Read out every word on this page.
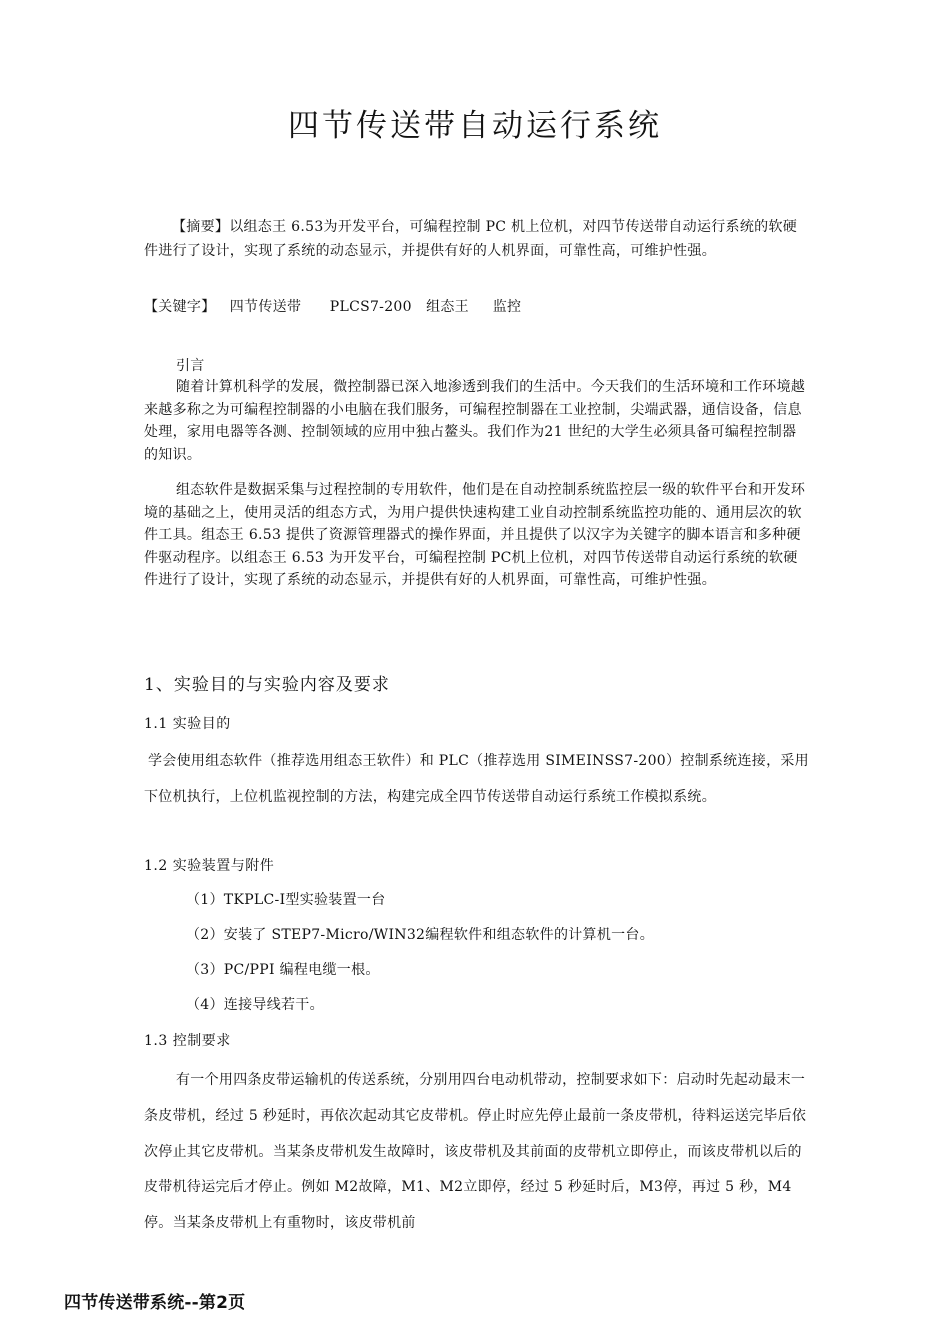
四节传送带自动运行系统
【摘要】以组态王 6.53为开发平台，可编程控制 PC 机上位机，对四节传送带自动运行系统的软硬件进行了设计，实现了系统的动态显示，并提供有好的人机界面，可靠性高，可维护性强。
【关键字】   四节传送带      PLCS7-200   组态王     监控
引言
随着计算机科学的发展，微控制器已深入地渗透到我们的生活中。今天我们的生活环境和工作环境越来越多称之为可编程控制器的小电脑在我们服务，可编程控制器在工业控制，尖端武器，通信设备，信息处理，家用电器等各测、控制领域的应用中独占鳌头。我们作为21 世纪的大学生必须具备可编程控制器的知识。
组态软件是数据采集与过程控制的专用软件，他们是在自动控制系统监控层一级的软件平台和开发环境的基础之上，使用灵活的组态方式，为用户提供快速构建工业自动控制系统监控功能的、通用层次的软件工具。组态王 6.53 提供了资源管理器式的操作界面，并且提供了以汉字为关键字的脚本语言和多种硬件驱动程序。以组态王 6.53 为开发平台，可编程控制 PC机上位机，对四节传送带自动运行系统的软硬件进行了设计，实现了系统的动态显示，并提供有好的人机界面，可靠性高，可维护性强。
1、实验目的与实验内容及要求
1.1 实验目的
学会使用组态软件（推荐选用组态王软件）和 PLC（推荐选用 SIMEINSS7-200）控制系统连接，采用下位机执行，上位机监视控制的方法，构建完成全四节传送带自动运行系统工作模拟系统。
1.2 实验装置与附件
（1）TKPLC-I型实验装置一台
（2）安装了 STEP7-Micro/WIN32编程软件和组态软件的计算机一台。
（3）PC/PPI 编程电缆一根。
（4）连接导线若干。
1.3 控制要求
有一个用四条皮带运输机的传送系统，分别用四台电动机带动，控制要求如下：启动时先起动最末一条皮带机，经过 5 秒延时，再依次起动其它皮带机。停止时应先停止最前一条皮带机，待料运送完毕后依次停止其它皮带机。当某条皮带机发生故障时，该皮带机及其前面的皮带机立即停止，而该皮带机以后的皮带机待运完后才停止。例如 M2故障，M1、M2立即停，经过 5 秒延时后，M3停，再过 5 秒，M4停。当某条皮带机上有重物时，该皮带机前
四节传送带系统--第2页
